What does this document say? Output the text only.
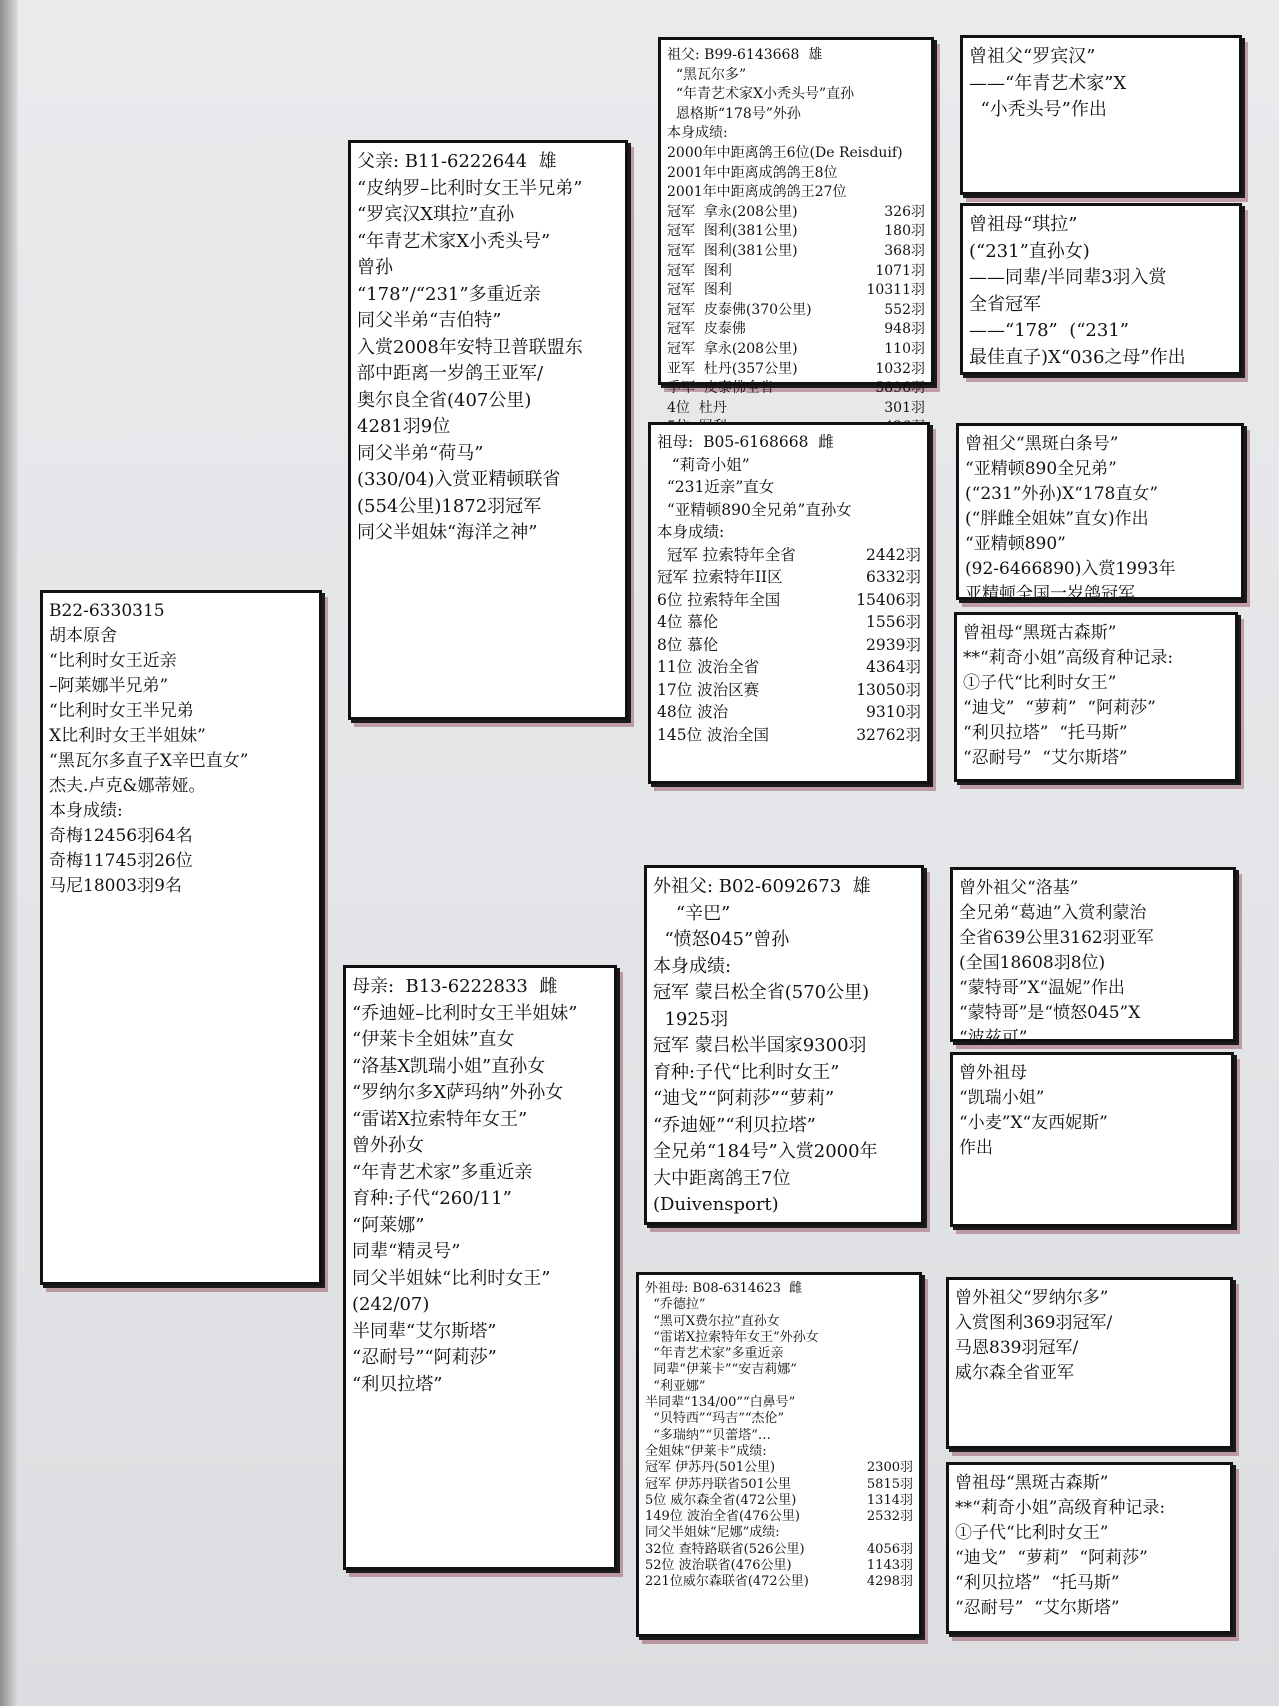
B22-6330315
胡本原舍
“比利时女王近亲
–阿莱娜半兄弟”
“比利时女王半兄弟
X比利时女王半姐妹”
“黑瓦尔多直子X辛巴直女”
杰夫.卢克&娜蒂娅。
本身成绩:
奇梅12456羽64名
奇梅11745羽26位
马尼18003羽9名
父亲: B11-6222644  雄
“皮纳罗–比利时女王半兄弟”
“罗宾汉X琪拉”直孙
“年青艺术家X小秃头号”
曾孙
“178”/“231”多重近亲
同父半弟“吉伯特”
入赏2008年安特卫普联盟东
部中距离一岁鸽王亚军/
奥尔良全省(407公里)
4281羽9位
同父半弟“荷马”
(330/04)入赏亚精顿联省
(554公里)1872羽冠军
同父半姐妹“海洋之神”
母亲:  B13-6222833  雌
“乔迪娅–比利时女王半姐妹”
“伊莱卡全姐妹”直女
“洛基X凯瑞小姐”直孙女
“罗纳尔多X萨玛纳”外孙女
“雷诺X拉索特年女王”
曾外孙女
“年青艺术家”多重近亲
育种:子代“260/11”
“阿莱娜”
同辈“精灵号”
同父半姐妹“比利时女王”
(242/07)
半同辈“艾尔斯塔”
“忍耐号”“阿莉莎”
“利贝拉塔”
祖父: B99-6143668  雄
“黑瓦尔多”
“年青艺术家X小秃头号”直孙
恩格斯“178号”外孙
本身成绩:
2000年中距离鸽王6位(De Reisduif)
2001年中距离成鸽鸽王8位
2001年中距离成鸽鸽王27位
冠军  拿永(208公里)	326羽
冠军  图利(381公里)	180羽
冠军  图利(381公里)	368羽
冠军  图利	1071羽
冠军  图利	10311羽
冠军  皮泰佛(370公里)	552羽
冠军  皮泰佛	948羽
冠军  拿永(208公里)	110羽
亚军  杜丹(357公里)	1032羽
季军  皮泰佛全省	5896羽
4位  杜丹	301羽
祖母:  B05-6168668  雌
“莉奇小姐”
“231近亲”直女
“亚精顿890全兄弟”直孙女
本身成绩:
冠军 拉索特年全省	2442羽
冠军 拉索特年II区	6332羽
6位 拉索特年全国	15406羽
4位 慕伦	1556羽
8位 慕伦	2939羽
11位 波治全省	4364羽
17位 波治区赛	13050羽
48位 波治	9310羽
145位 波治全国	32762羽
外祖父: B02-6092673  雄
“辛巴”
“愤怒045”曾孙
本身成绩:
冠军 蒙吕松全省(570公里)
1925羽
冠军 蒙吕松半国家9300羽
育种:子代“比利时女王”
“迪戈”“阿莉莎”“萝莉”
“乔迪娅”“利贝拉塔”
全兄弟“184号”入赏2000年
大中距离鸽王7位
(Duivensport)
外祖母: B08-6314623  雌
“乔德拉”
“黑可X费尔拉”直孙女
“雷诺X拉索特年女王”外孙女
“年青艺术家”多重近亲
同辈“伊莱卡”“安吉莉娜”
“利亚娜”
半同辈“134/00”“白鼻号”
“贝特西”“玛吉”“杰伦”
“多瑞纳”“贝蕾塔”…
全姐妹“伊莱卡”成绩:
冠军 伊苏丹(501公里)	2300羽
冠军 伊苏丹联省501公里	5815羽
5位 威尔森全省(472公里)	1314羽
149位 波治全省(476公里)	2532羽
同父半姐妹“尼娜”成绩:
32位 查特路联省(526公里)	4056羽
52位 波治联省(476公里)	1143羽
221位威尔森联省(472公里)	4298羽
曾祖父“罗宾汉”
——“年青艺术家”X
“小秃头号”作出
曾祖母“琪拉”
(“231”直孙女)
——同辈/半同辈3羽入赏
全省冠军
——“178”  (“231”
最佳直子)X“036之母”作出
曾祖父“黑斑白条号”
“亚精顿890全兄弟”
(“231”外孙)X“178直女”
(“胖雌全姐妹”直女)作出
“亚精顿890”
(92-6466890)入赏1993年
亚精顿全国一岁鸽冠军
曾祖母“黑斑古森斯”
**“莉奇小姐”高级育种记录:
①子代“比利时女王”
“迪戈”  “萝莉”  “阿莉莎”
“利贝拉塔”  “托马斯”
“忍耐号”  “艾尔斯塔”
曾外祖父“洛基”
全兄弟“葛迪”入赏利蒙治
全省639公里3162羽亚军
(全国18608羽8位)
“蒙特哥”X“温妮”作出
“蒙特哥”是“愤怒045”X
“波兹可”
曾外祖母
“凯瑞小姐”
“小麦”X“友西妮斯”
作出
曾外祖父“罗纳尔多”
入赏图利369羽冠军/
马恩839羽冠军/
威尔森全省亚军
曾祖母“黑斑古森斯”
**“莉奇小姐”高级育种记录:
①子代“比利时女王”
“迪戈”  “萝莉”  “阿莉莎”
“利贝拉塔”  “托马斯”
“忍耐号”  “艾尔斯塔”
